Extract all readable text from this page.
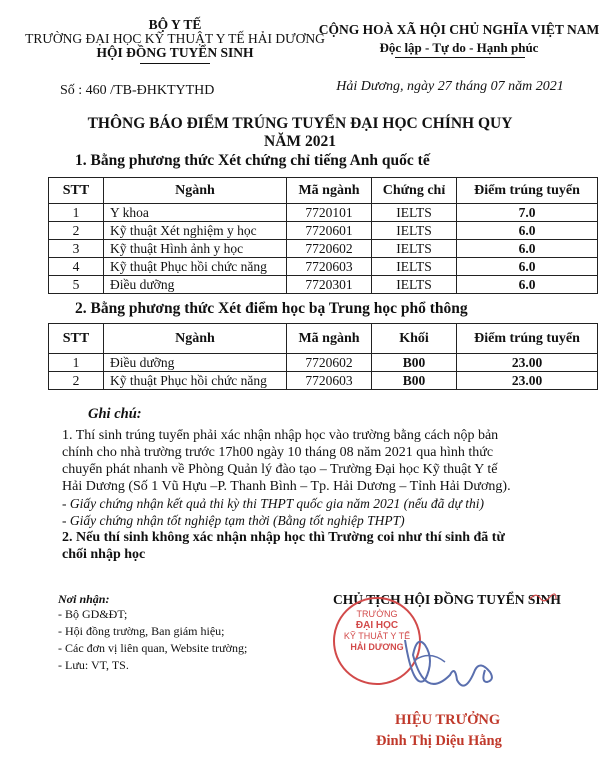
BỘ Y TẾ
TRƯỜNG ĐẠI HỌC KỸ THUẬT Y TẾ HẢI DƯƠNG
HỘI ĐỒNG TUYỂN SINH
Số : 460 /TB-ĐHKTYTHD
CỘNG HOÀ XÃ HỘI CHỦ NGHĨA VIỆT NAM
Độc lập - Tự do - Hạnh phúc
Hải Dương, ngày 27 tháng 07 năm 2021
THÔNG BÁO ĐIỂM TRÚNG TUYỂN ĐẠI HỌC CHÍNH QUY
NĂM 2021
1. Bằng phương thức Xét chứng chỉ tiếng Anh quốc tế
STT	Ngành	Mã ngành	Chứng chỉ	Điểm trúng tuyển
1	Y khoa	7720101	IELTS	7.0
2	Kỹ thuật Xét nghiệm y học	7720601	IELTS	6.0
3	Kỹ thuật Hình ảnh y học	7720602	IELTS	6.0
4	Kỹ thuật Phục hồi chức năng	7720603	IELTS	6.0
5	Điều dưỡng	7720301	IELTS	6.0
2. Bằng phương thức Xét điểm học bạ Trung học phổ thông
STT	Ngành	Mã ngành	Khối	Điểm trúng tuyển
1	Điều dưỡng	7720602	B00	23.00
2	Kỹ thuật Phục hồi chức năng	7720603	B00	23.00
Ghi chú:
1. Thí sinh trúng tuyển phải xác nhận nhập học vào trường bằng cách nộp bản
chính cho nhà trường trước 17h00 ngày 10 tháng 08 năm 2021 qua hình thức
chuyển phát nhanh về Phòng Quản lý đào tạo – Trường Đại học Kỹ thuật Y tế
Hải Dương (Số 1 Vũ Hựu –P. Thanh Bình – Tp. Hải Dương – Tỉnh Hải Dương).
- Giấy chứng nhận kết quả thi kỳ thi THPT quốc gia năm 2021 (nếu đã dự thi)
- Giấy chứng nhận tốt nghiệp tạm thời (Bằng tốt nghiệp THPT)
2. Nếu thí sinh không xác nhận nhập học thì Trường coi như thí sinh đã từ
chối nhập học
Nơi nhận:
- Bộ GD&ĐT;
- Hội đồng trường, Ban giám hiệu;
- Các đơn vị liên quan, Website trường;
- Lưu: VT, TS.
CHỦ TỊCH HỘI ĐỒNG TUYỂN SINH
TRƯỜNG
ĐẠI HỌC
KỸ THUẬT Y TẾ
HẢI DƯƠNG
HIỆU TRƯỞNG
Đinh Thị Diệu Hằng
